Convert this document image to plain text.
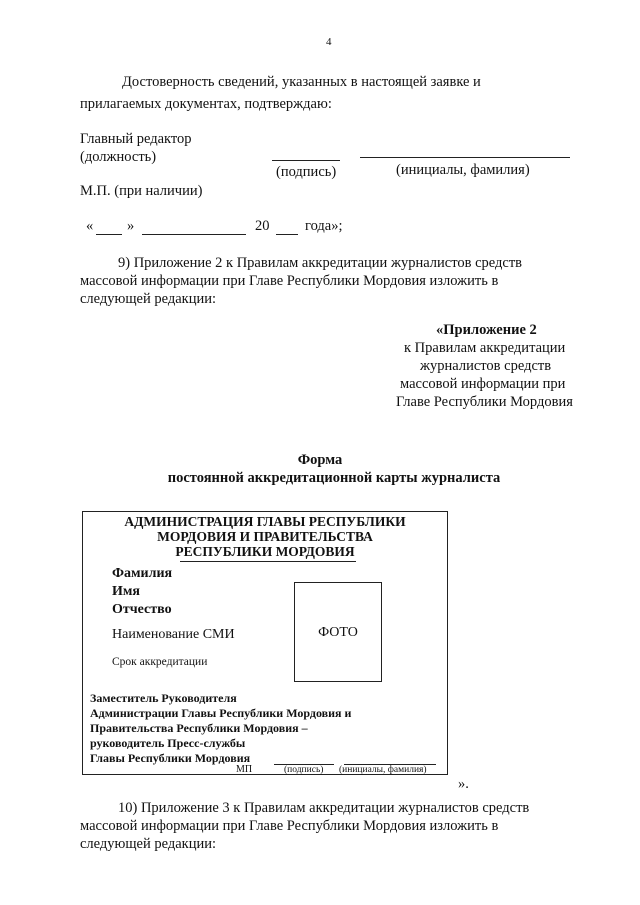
4
Достоверность сведений, указанных в настоящей заявке и
прилагаемых документах, подтверждаю:
Главный редактор
(должность)
(подпись)	(инициалы, фамилия)
М.П. (при наличии)
« »	20 года»;
9) Приложение 2 к Правилам аккредитации журналистов средств
массовой информации при Главе Республики Мордовия изложить в
следующей редакции:
«Приложение 2
к Правилам аккредитации
журналистов средств
массовой информации при
Главе Республики Мордовия
Форма
постоянной аккредитационной карты журналиста
АДМИНИСТРАЦИЯ ГЛАВЫ РЕСПУБЛИКИ
МОРДОВИЯ И ПРАВИТЕЛЬСТВА
РЕСПУБЛИКИ МОРДОВИЯ
Фамилия
Имя
Отчество
Наименование СМИ
Срок аккредитации
ФОТО
Заместитель Руководителя
Администрации Главы Республики Мордовия и
Правительства Республики Мордовия –
руководитель Пресс-службы
Главы Республики Мордовия
МП	(подпись) (инициалы, фамилия)
».
10) Приложение 3 к Правилам аккредитации журналистов средств
массовой информации при Главе Республики Мордовия изложить в
следующей редакции:
